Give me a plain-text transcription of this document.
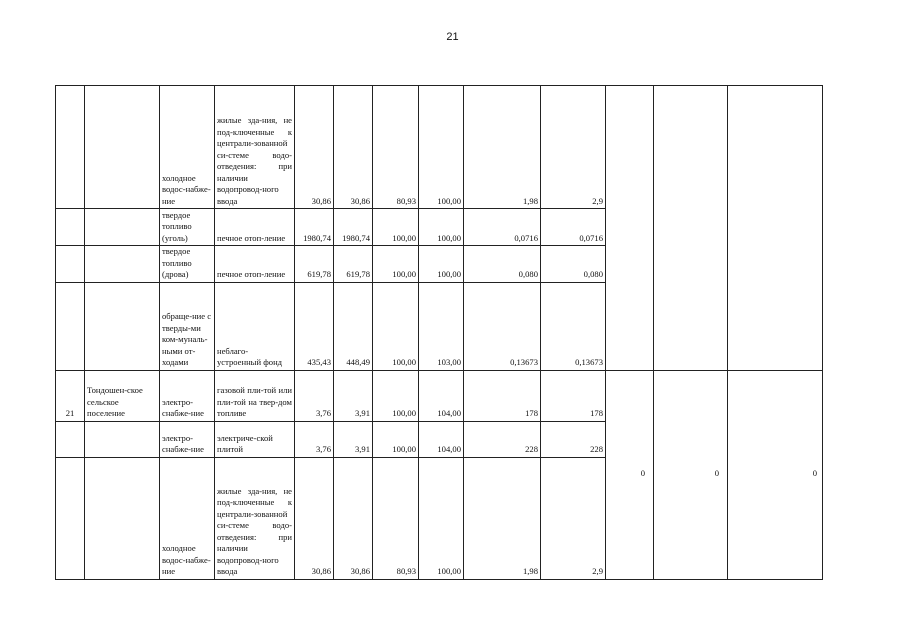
21
		холодное водос-набже-ние	жилые зда-ния, не под-ключенные к централи-зованной си-стеме водо-отведения: при наличии водопровод-ного ввода	30,86	30,86	80,93	100,00	1,98	2,9			
		твердое топливо (уголь)	печное отоп-ление	1980,74	1980,74	100,00	100,00	0,0716	0,0716			
		твердое топливо (дрова)	печное отоп-ление	619,78	619,78	100,00	100,00	0,080	0,080			
		обраще-ние с тверды-ми ком-муналь-ными от-ходами	неблаго-устроенный фонд	435,43	448,49	100,00	103,00	0,13673	0,13673			
21	Тондошен-ское сельское поселение	электро-снабже-ние	газовой пли-той или пли-той на твер-дом топливе	3,76	3,91	100,00	104,00	178	178	0	0	0
		электро-снабже-ние	электриче-ской плитой	3,76	3,91	100,00	104,00	228	228			
		холодное водос-набже-ние	жилые зда-ния, не под-ключенные к централи-зованной си-стеме водо-отведения: при наличии водопровод-ного ввода	30,86	30,86	80,93	100,00	1,98	2,9			
